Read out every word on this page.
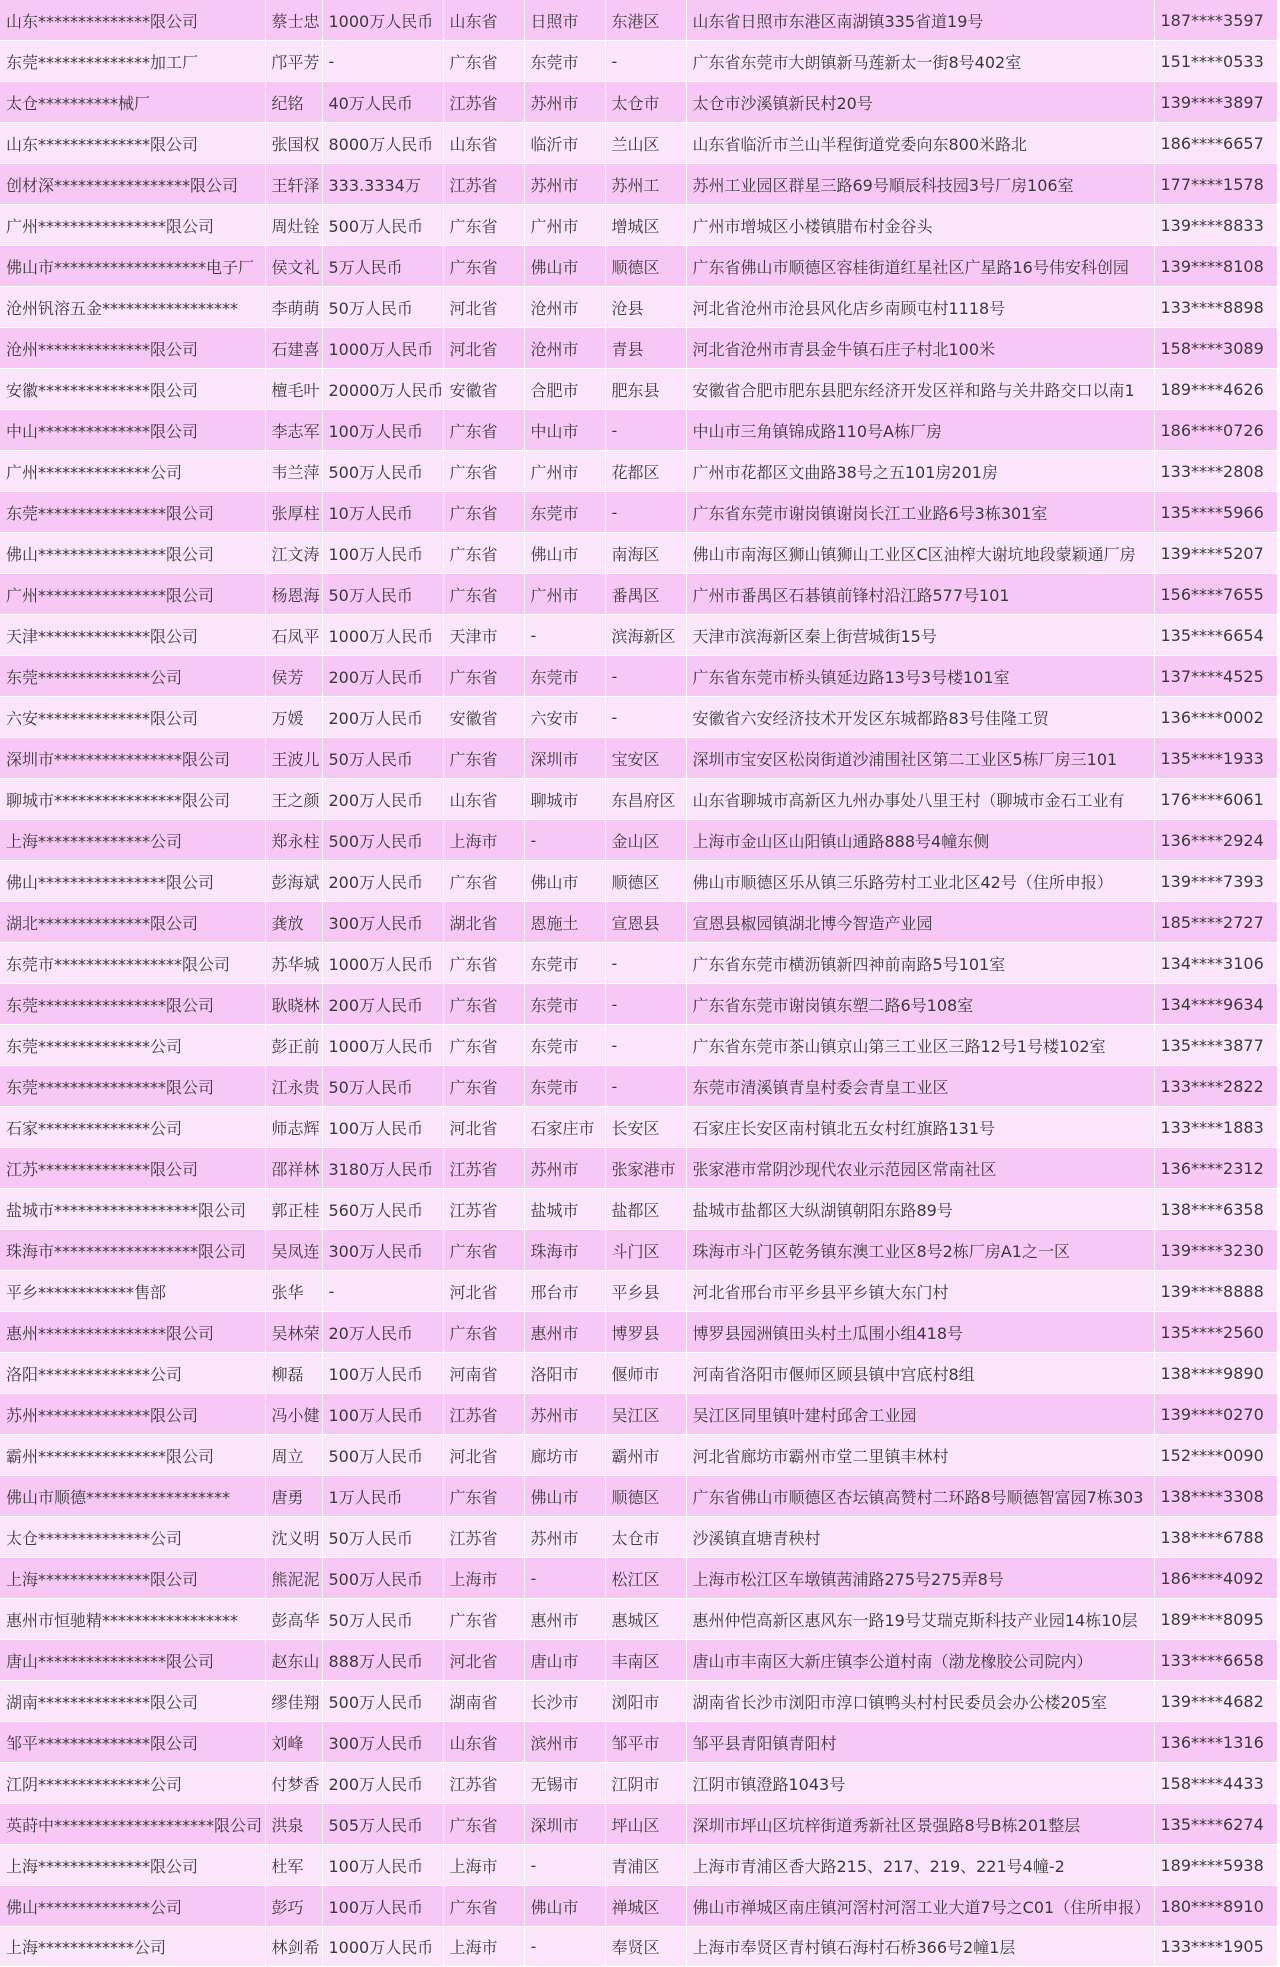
山东**************限公司	蔡士忠	1000万人民币	山东省	日照市	东港区	山东省日照市东港区南湖镇335省道19号	187****3597
东莞**************加工厂	邝平芳	-	广东省	东莞市	-	广东省东莞市大朗镇新马莲新太一街8号402室	151****0533
太仓**********械厂	纪铭	40万人民币	江苏省	苏州市	太仓市	太仓市沙溪镇新民村20号	139****3897
山东**************限公司	张国权	8000万人民币	山东省	临沂市	兰山区	山东省临沂市兰山半程街道党委向东800米路北	186****6657
创材深*****************限公司	王轩泽	333.3334万	江苏省	苏州市	苏州工	苏州工业园区群星三路69号順辰科技园3号厂房106室	177****1578
广州****************限公司	周灶铨	500万人民币	广东省	广州市	增城区	广州市增城区小楼镇腊布村金谷头	139****8833
佛山市*******************电子厂	侯文礼	5万人民币	广东省	佛山市	顺德区	广东省佛山市顺德区容桂街道红星社区广星路16号伟安科创园	139****8108
沧州钒溶五金*****************	李萌萌	50万人民币	河北省	沧州市	沧县	河北省沧州市沧县风化店乡南顾屯村1118号	133****8898
沧州**************限公司	石建喜	1000万人民币	河北省	沧州市	青县	河北省沧州市青县金牛镇石庄子村北100米	158****3089
安徽**************限公司	檀毛叶	20000万人民币	安徽省	合肥市	肥东县	安徽省合肥市肥东县肥东经济开发区祥和路与关井路交口以南1	189****4626
中山**************限公司	李志军	100万人民币	广东省	中山市	-	中山市三角镇锦成路110号A栋厂房	186****0726
广州**************公司	韦兰萍	500万人民币	广东省	广州市	花都区	广州市花都区文曲路38号之五101房201房	133****2808
东莞****************限公司	张厚柱	10万人民币	广东省	东莞市	-	广东省东莞市谢岗镇谢岗长江工业路6号3栋301室	135****5966
佛山****************限公司	江文涛	100万人民币	广东省	佛山市	南海区	佛山市南海区狮山镇狮山工业区C区油榨大谢坑地段蒙颖通厂房	139****5207
广州****************限公司	杨恩海	50万人民币	广东省	广州市	番禺区	广州市番禺区石碁镇前锋村沿江路577号101	156****7655
天津**************限公司	石凤平	1000万人民币	天津市	-	滨海新区	天津市滨海新区秦上街营城街15号	135****6654
东莞**************公司	侯芳	200万人民币	广东省	东莞市	-	广东省东莞市桥头镇延边路13号3号楼101室	137****4525
六安**************限公司	万媛	200万人民币	安徽省	六安市	-	安徽省六安经济技术开发区东城都路83号佳隆工贸	136****0002
深圳市****************限公司	王波儿	50万人民币	广东省	深圳市	宝安区	深圳市宝安区松岗街道沙浦围社区第二工业区5栋厂房三101	135****1933
聊城市****************限公司	王之颜	200万人民币	山东省	聊城市	东昌府区	山东省聊城市高新区九州办事处八里王村（聊城市金石工业有	176****6061
上海**************公司	郑永柱	500万人民币	上海市	-	金山区	上海市金山区山阳镇山通路888号4幢东侧	136****2924
佛山****************限公司	彭海斌	200万人民币	广东省	佛山市	顺德区	佛山市顺德区乐从镇三乐路劳村工业北区42号（住所申报）	139****7393
湖北**************限公司	龚放	300万人民币	湖北省	恩施土	宣恩县	宣恩县椒园镇湖北博今智造产业园	185****2727
东莞市****************限公司	苏华城	1000万人民币	广东省	东莞市	-	广东省东莞市横沥镇新四神前南路5号101室	134****3106
东莞****************限公司	耿晓林	200万人民币	广东省	东莞市	-	广东省东莞市谢岗镇东塑二路6号108室	134****9634
东莞**************公司	彭正前	1000万人民币	广东省	东莞市	-	广东省东莞市茶山镇京山第三工业区三路12号1号楼102室	135****3877
东莞****************限公司	江永贵	50万人民币	广东省	东莞市	-	东莞市清溪镇青皇村委会青皇工业区	133****2822
石家**************公司	师志辉	100万人民币	河北省	石家庄市	长安区	石家庄长安区南村镇北五女村红旗路131号	133****1883
江苏**************限公司	邵祥林	3180万人民币	江苏省	苏州市	张家港市	张家港市常阴沙现代农业示范园区常南社区	136****2312
盐城市******************限公司	郭正桂	560万人民币	江苏省	盐城市	盐都区	盐城市盐都区大纵湖镇朝阳东路89号	138****6358
珠海市******************限公司	吴凤连	300万人民币	广东省	珠海市	斗门区	珠海市斗门区乾务镇东澳工业区8号2栋厂房A1之一区	139****3230
平乡************售部	张华	-	河北省	邢台市	平乡县	河北省邢台市平乡县平乡镇大东门村	139****8888
惠州****************限公司	吴林荣	20万人民币	广东省	惠州市	博罗县	博罗县园洲镇田头村土瓜围小组418号	135****2560
洛阳**************公司	柳磊	100万人民币	河南省	洛阳市	偃师市	河南省洛阳市偃师区顾县镇中宫底村8组	138****9890
苏州**************限公司	冯小健	100万人民币	江苏省	苏州市	吴江区	吴江区同里镇叶建村邱舍工业园	139****0270
霸州****************限公司	周立	500万人民币	河北省	廊坊市	霸州市	河北省廊坊市霸州市堂二里镇丰林村	152****0090
佛山市顺德******************	唐勇	1万人民币	广东省	佛山市	顺德区	广东省佛山市顺德区杏坛镇高赞村二环路8号顺德智富园7栋303	138****3308
太仓**************公司	沈义明	50万人民币	江苏省	苏州市	太仓市	沙溪镇直塘青秧村	138****6788
上海**************限公司	熊泥泥	500万人民币	上海市	-	松江区	上海市松江区车墩镇茜浦路275号275弄8号	186****4092
惠州市恒驰精*****************	彭高华	50万人民币	广东省	惠州市	惠城区	惠州仲恺高新区惠风东一路19号艾瑞克斯科技产业园14栋10层	189****8095
唐山****************限公司	赵东山	888万人民币	河北省	唐山市	丰南区	唐山市丰南区大新庄镇李公道村南（渤龙橡胶公司院内）	133****6658
湖南**************限公司	缪佳翔	500万人民币	湖南省	长沙市	浏阳市	湖南省长沙市浏阳市淳口镇鸭头村村民委员会办公楼205室	139****4682
邹平**************限公司	刘峰	300万人民币	山东省	滨州市	邹平市	邹平县青阳镇青阳村	136****1316
江阴**************公司	付梦香	200万人民币	江苏省	无锡市	江阴市	江阴市镇澄路1043号	158****4433
英莳中********************限公司	洪泉	505万人民币	广东省	深圳市	坪山区	深圳市坪山区坑梓街道秀新社区景强路8号B栋201整层	135****6274
上海**************限公司	杜军	100万人民币	上海市	-	青浦区	上海市青浦区香大路215、217、219、221号4幢-2	189****5938
佛山**************公司	彭巧	100万人民币	广东省	佛山市	禅城区	佛山市禅城区南庄镇河滘村河滘工业大道7号之C01（住所申报）	180****8910
上海************公司	林剑希	1000万人民币	上海市	-	奉贤区	上海市奉贤区青村镇石海村石桥366号2幢1层	133****1905
